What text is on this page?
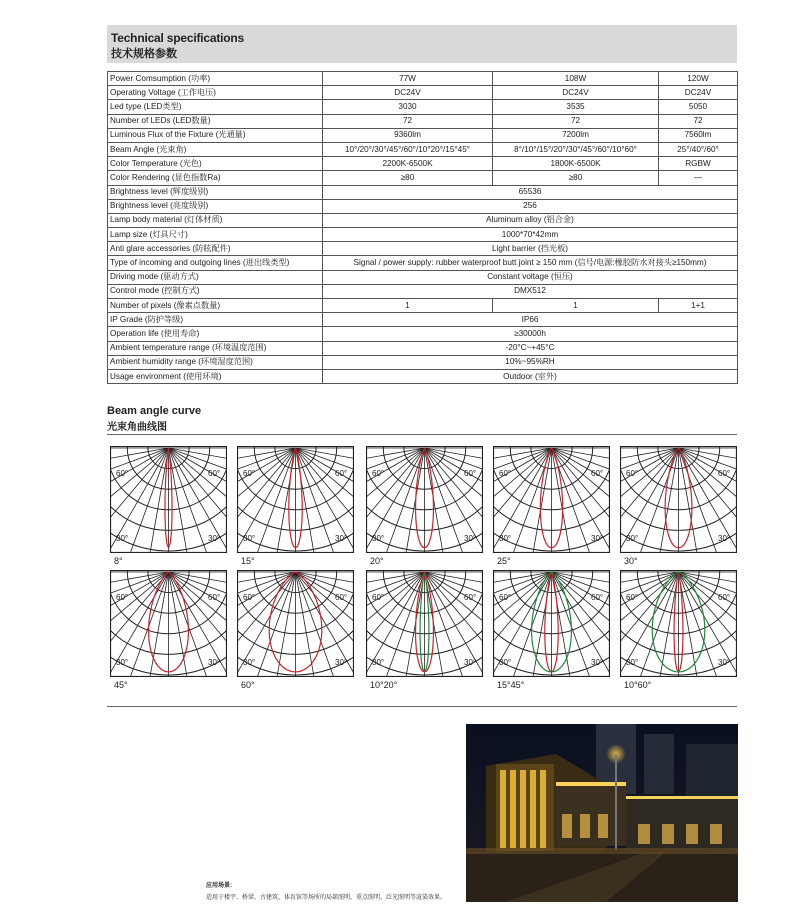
Technical specifications
技术规格参数
Power Comsumption (功率)	77W	108W	120W
Operating Voltage (工作电压)	DC24V	DC24V	DC24V
Led type (LED类型)	3030	3535	5050
Number of LEDs (LED数量)	72	72	72
Luminous Flux of the Fixture (光通量)	9360lm	7200lm	7560lm
Beam Angle (光束角)	10°/20°/30°/45°/60°/10°20°/15°45°	8°/10°/15°/20°/30°/45°/60°/10°60°	25°/40°/60°
Color Temperature (光色)	2200K-6500K	1800K-6500K	RGBW
Color Rendering (显色指数Ra)	≥80	≥80	—
Brightness level (辉度级别)	65536		
Brightness level (亮度级别)	256		
Lamp body material (灯体材质)	Aluminum alloy (铝合金)		
Lamp size (灯具尺寸)	1000*70*42mm		
Anti glare accessories (防眩配件)	Light barrier (挡光板)		
Type of incoming and outgoing lines (进出线类型)	Signal / power supply: rubber waterproof butt joint ≥ 150 mm (信号/电源:橡胶防水对接头≥150mm)		
Driving mode (驱动方式)	Constant voltage (恒压)		
Control mode (控制方式)	DMX512		
Number of pixels (像素点数量)	1	1	1+1
IP Grade (防护等级)	IP66		
Operation life (使用寿命)	≥30000h		
Ambient temperature range (环境温度范围)	-20°C~+45°C		
Ambient humidity range (环境湿度范围)	10%~95%RH		
Usage environment (使用环境)	Outdoor (室外)		
Beam angle curve
光束角曲线图
60°	60°
30°	30°
8°
60°	60°
30°	30°
15°
60°	60°
30°	30°
20°
60°	60°
30°	30°
25°
60°	60°
30°	30°
30°
60°	60°
30°	30°
45°
60°	60°
30°	30°
60°
60°	60°
30°	30°
10°20°
60°	60°
30°	30°
15°45°
60°	60°
30°	30°
10°60°
应用场景:
适用于楼宇、桥梁、古建筑、体育馆等场所的局部照明、重点照明、泛光照明等渲染效果。
